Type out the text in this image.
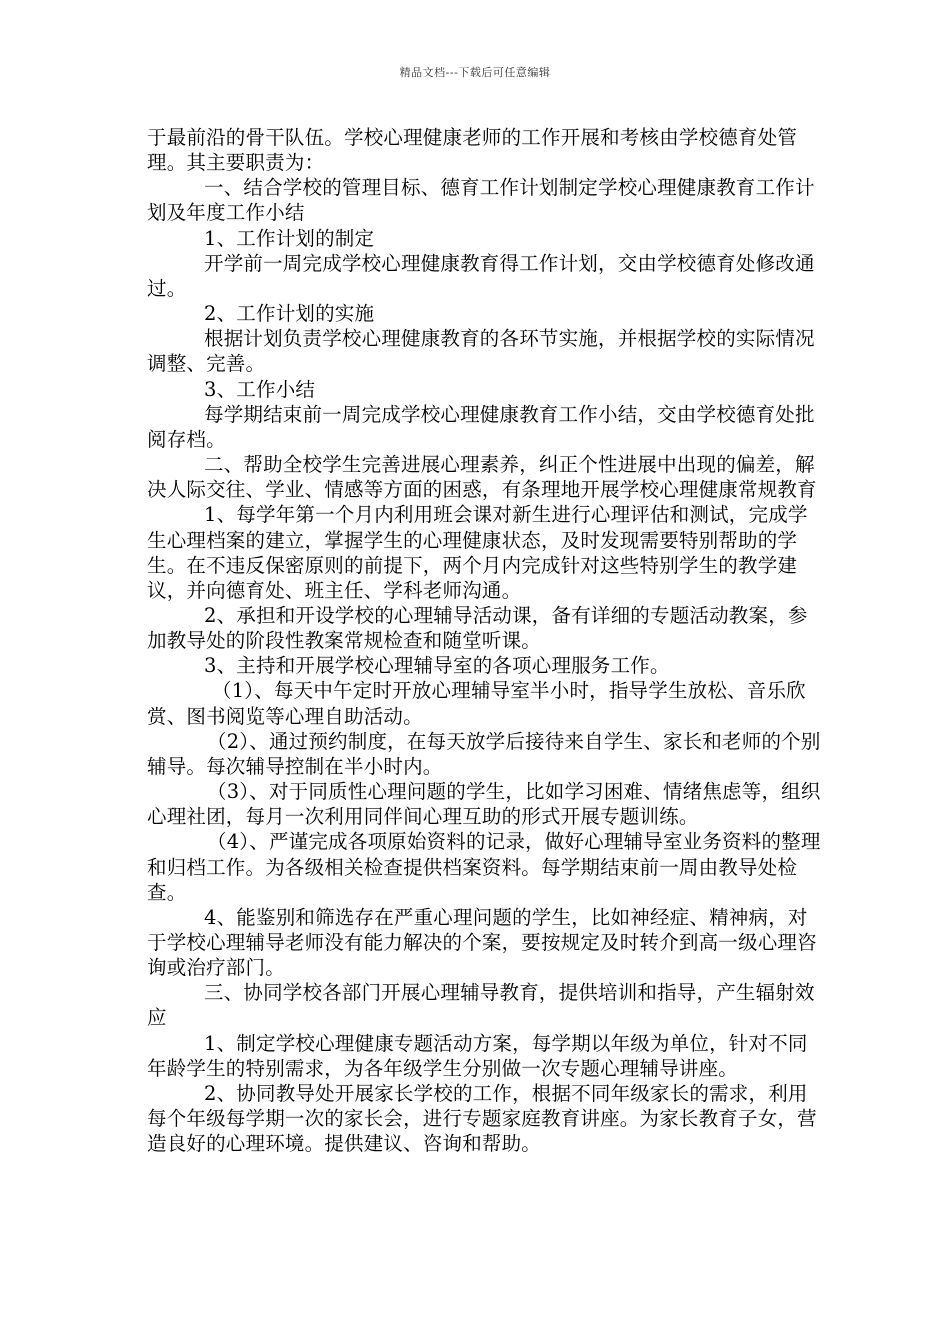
精品文档---下载后可任意编辑

于最前沿的骨干队伍。学校心理健康老师的工作开展和考核由学校德育处管理。其主要职责为：

一、结合学校的管理目标、德育工作计划制定学校心理健康教育工作计划及年度工作小结

1、工作计划的制定

开学前一周完成学校心理健康教育得工作计划，交由学校德育处修改通过。

2、工作计划的实施

根据计划负责学校心理健康教育的各环节实施，并根据学校的实际情况调整、完善。

3、工作小结

每学期结束前一周完成学校心理健康教育工作小结，交由学校德育处批阅存档。

二、帮助全校学生完善进展心理素养，纠正个性进展中出现的偏差，解决人际交往、学业、情感等方面的困惑，有条理地开展学校心理健康常规教育

1、每学年第一个月内利用班会课对新生进行心理评估和测试，完成学生心理档案的建立，掌握学生的心理健康状态，及时发现需要特别帮助的学生。在不违反保密原则的前提下，两个月内完成针对这些特别学生的教学建议，并向德育处、班主任、学科老师沟通。

2、承担和开设学校的心理辅导活动课，备有详细的专题活动教案，参加教导处的阶段性教案常规检查和随堂听课。

3、主持和开展学校心理辅导室的各项心理服务工作。

（1）、每天中午定时开放心理辅导室半小时，指导学生放松、音乐欣赏、图书阅览等心理自助活动。

（2）、通过预约制度，在每天放学后接待来自学生、家长和老师的个别辅导。每次辅导控制在半小时内。

（3）、对于同质性心理问题的学生，比如学习困难、情绪焦虑等，组织心理社团，每月一次利用同伴间心理互助的形式开展专题训练。

（4）、严谨完成各项原始资料的记录，做好心理辅导室业务资料的整理和归档工作。为各级相关检查提供档案资料。每学期结束前一周由教导处检查。

4、能鉴别和筛选存在严重心理问题的学生，比如神经症、精神病，对于学校心理辅导老师没有能力解决的个案，要按规定及时转介到高一级心理咨询或治疗部门。

三、协同学校各部门开展心理辅导教育，提供培训和指导，产生辐射效应

1、制定学校心理健康专题活动方案，每学期以年级为单位，针对不同年龄学生的特别需求，为各年级学生分别做一次专题心理辅导讲座。

2、协同教导处开展家长学校的工作，根据不同年级家长的需求，利用每个年级每学期一次的家长会，进行专题家庭教育讲座。为家长教育子女，营造良好的心理环境。提供建议、咨询和帮助。
